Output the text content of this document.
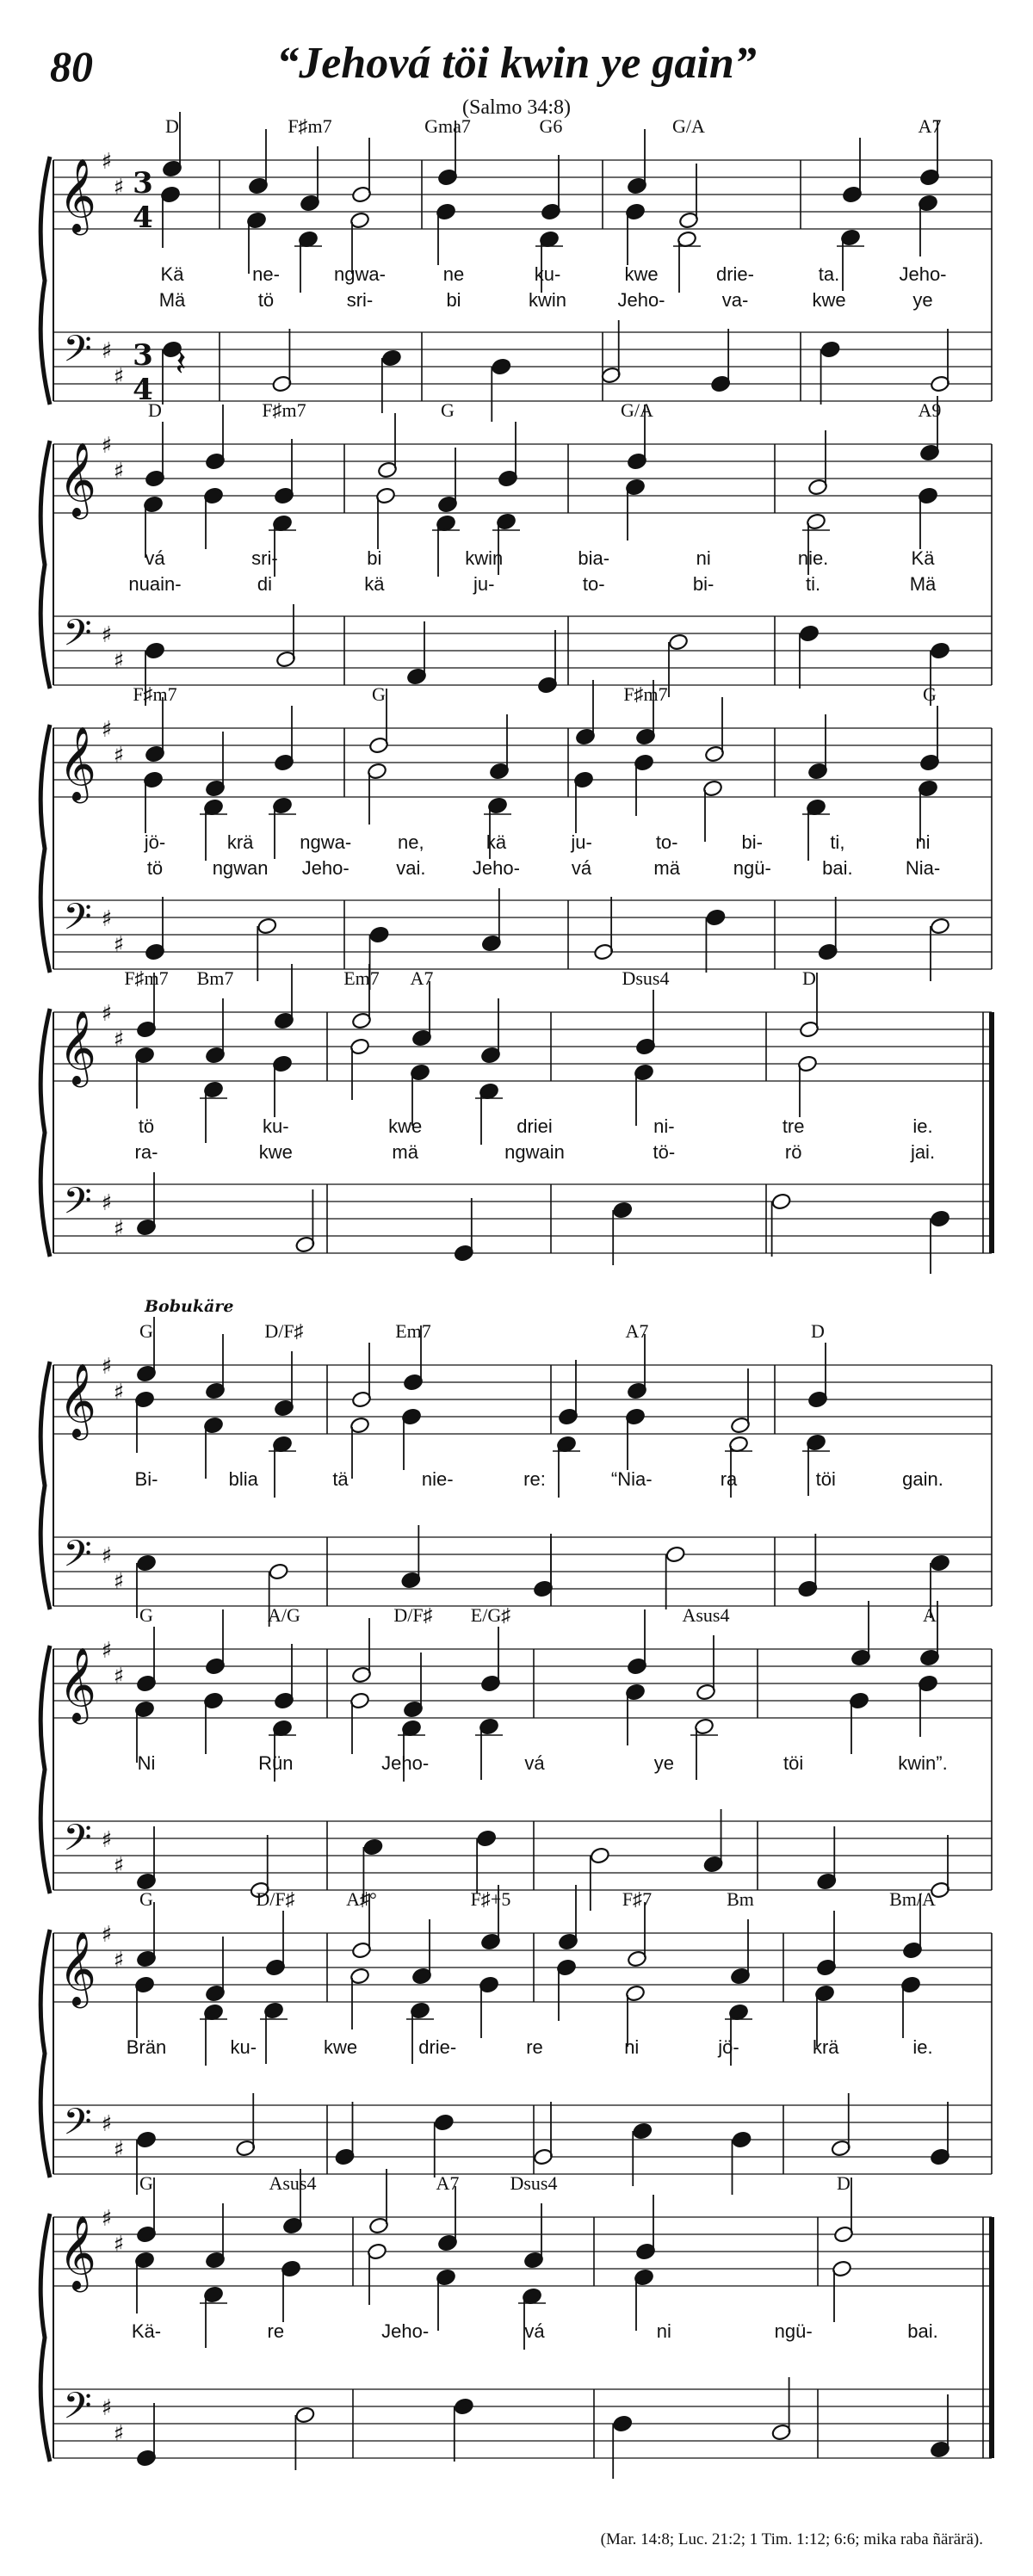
80	“Jehová töi kwin ye gain”
(Salmo 34:8)
𝄞
𝄢
♯
♯
♯
♯
3
4
3
4
D	F♯m7	Gma7	G6	G/A	A7
𝄽
Kä	ne-	ngwa-	ne	ku-	kwe	drie-	ta.	Jeho-
Mä	tö	sri-	bi	kwin	Jeho-	va-	kwe	ye
𝄞
𝄢
♯
♯
♯
♯
D	F♯m7	G	G/A	A9
vá	sri-	bi	kwin	bia-	ni	nie.	Kä
nuain-	di	kä	ju-	to-	bi-	ti.	Mä
𝄞
𝄢
♯
♯
♯
♯
F♯m7	G	F♯m7	G
jö-	krä ngwa- ne,	kä	ju-	to-	bi-	ti,	ni
tö	ngwan Jeho- vai. Jeho-	vá	mä	ngü-	bai.	Nia-
𝄞
𝄢
♯
♯
♯
♯
F♯m7 Bm7	Em7 A7	Dsus4	D
tö	ku-	kwe	driei	ni-	tre	ie.
ra-	kwe	mä	ngwain	tö-	rö	jai.
𝄞
𝄢
♯
♯
♯
♯
Bobukäre
G	D/F♯	Em7	A7	D
Bi-	blia	tä	nie-	re:	“Nia-	ra	töi	gain.
𝄞
𝄢
♯
♯
♯
♯
G	A/G	D/F♯ E/G♯	Asus4	A
Ni	Rün	Jeho-	vá	ye	töi	kwin”.
𝄞
𝄢
♯
♯
♯
♯
G	D/F♯	A♯°	F♯+5	F♯7	Bm	Bm/A
Brän	ku-	kwe	drie-	re	ni	jö-	krä	ie.
𝄞
𝄢
♯
♯
♯
♯
G	Asus4	A7	Dsus4	D
Kä-	re	Jeho-	vá	ni	ngü-	bai.
(Mar. 14:8; Luc. 21:2; 1 Tim. 1:12; 6:6; mika raba ñärärä).
